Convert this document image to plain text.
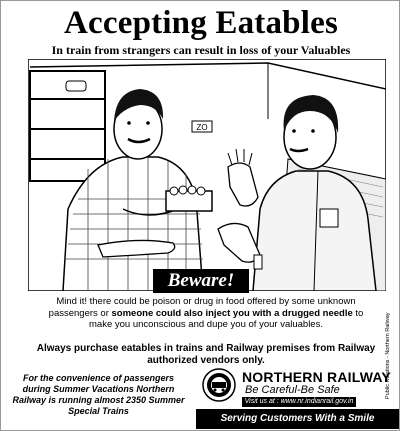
Accepting Eatables
In train from strangers can result in loss of your Valuables
ZO
Beware!
Mind it! there could be poison or drug in food offered by some unknown passengers or someone could also inject you with a drugged needle to make you unconscious and dupe you of your valuables.
Always purchase eatables in trains and Railway premises from Railway authorized vendors only.
For the convenience of passengers during Summer Vacations Northern Railway is running almost 2350 Summer Special Trains
NORTHERN RAILWAY
Be Careful-Be Safe
Visit us at : www.nr.indianrail.gov.in
Public Relations - Northern Railway
Serving Customers With a Smile
